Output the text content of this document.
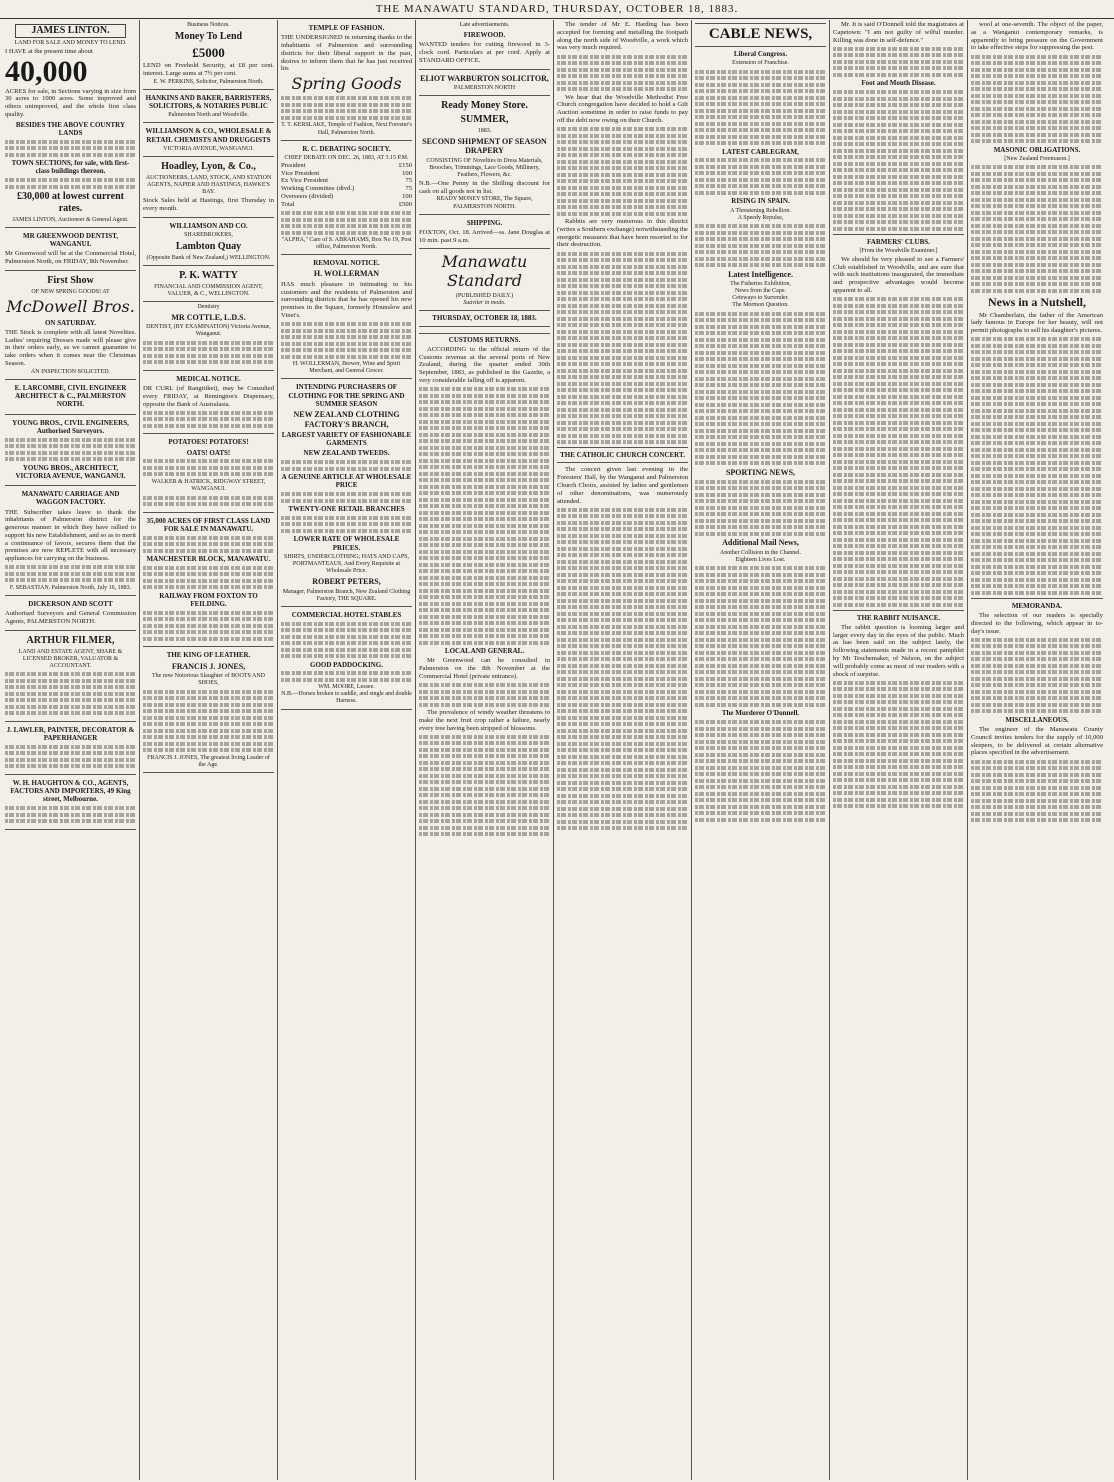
THE MANAWATU STANDARD, THURSDAY, OCTOBER 18, 1883.
JAMES LINTON.
LAND FOR SALE AND MONEY TO LEND.

I HAVE at the present time about

40,000

ACRES for sale, in Sections varying in size from 30 acres to 1000 acres. Some improved and others unimproved, and the whole first class quality.

BESIDES THE ABOVE COUNTRY LANDS
TOWN SECTIONS, for sale, with first-class buildings thereon.
£30,000 at lowest current rates.
JAMES LINTON, Auctioneer & General Agent.
MR GREENWOOD DENTIST, WANGANUI.

Mr Greenwood will be at the Commercial Hotel, Palmerston North, on FRIDAY, 8th November.

First Show
OF NEW SPRING GOODS! AT
McDowell Bros.
ON SATURDAY.

THE Stock is complete with all latest Novelties. Ladies' requiring Dresses made will please give in their orders early, as we cannot guarantee to take orders when it comes near the Christmas Season.

AN INSPECTION SOLICITED.
E. LARCOMBE, CIVIL ENGINEER ARCHITECT & C., PALMERSTON NORTH.
YOUNG BROS., CIVIL ENGINEERS, Authorised Surveyors.
YOUNG BROS., ARCHITECT, VICTORIA AVENUE, WANGANUI.
MANAWATU CARRIAGE AND WAGGON FACTORY.

THE Subscriber takes leave to thank the inhabitants of Palmerston district for the generous manner in which they have rallied to support his new Establishment, and so as to merit a continuance of favors, secures them that the premises are now REPLETE with all necessary appliances for carrying on the business.

F. SEBASTIAN. Palmerston North, July 16, 1883.
DICKERSON AND SCOTT

Authorised Surveyors and General Commission Agents, PALMERSTON NORTH.

ARTHUR FILMER,
LAND AND ESTATE AGENT, SHARE & LICENSED BROKER, VALUATOR & ACCOUNTANT.
J. LAWLER, PAINTER, DECORATOR & PAPERHANGER
W. H. HAUGHTON & CO., AGENTS, FACTORS AND IMPORTERS, 49 King street, Melbourne.
Business Notices.
Money To Lend
£5000

LEND on Freehold Security, at £8 per cent. interest. Large sums at 7½ per cent.

E. W. PERKINS, Solicitor, Palmerston North.
HANKINS AND BAKER, BARRISTERS, SOLICITORS, & NOTARIES PUBLIC
Palmerston North and Woodville.
WILLIAMSON & CO., WHOLESALE & RETAIL CHEMISTS AND DRUGGISTS
VICTORIA AVENUE, WANGANUI.
Hoadley, Lyon, & Co.,
AUCTIONEERS, LAND, STOCK, AND STATION AGENTS, NAPIER AND HASTINGS, HAWKE'S BAY.

Stock Sales held at Hastings, first Thursday in every month.

WILLIAMSON AND CO.
SHAREBROKERS,
Lambton Quay
(Opposite Bank of New Zealand,) WELLINGTON.
P. K. WATTY
FINANCIAL AND COMMISSION AGENT, VALUER, & C., WELLINGTON.
Dentistry
MR COTTLE, L.D.S.
DENTIST, (BY EXAMINATION) Victoria Avenue, Wanganui.
MEDICAL NOTICE.

DR CURL (of Rangitikei), may be Consulted every FRIDAY, at Remington's Dispensary, opposite the Bank of Australasia.

POTATOES! POTATOES!
OATS! OATS!
WALKER & HATRICK, RIDGWAY STREET, WANGANUI.
35,000 ACRES OF FIRST CLASS LAND FOR SALE IN MANAWATU.
MANCHESTER BLOCK, MANAWATU.
RAILWAY FROM FOXTON TO FEILDING.
THE KING OF LEATHER.
FRANCIS J. JONES,
The now Notorious Slaughter of BOOTS AND SHOES,
FRANCIS J. JONES, The greatest living Leader of the Age.
TEMPLE OF FASHION.

THE UNDERSIGNED in returning thanks to the inhabitants of Palmerston and surrounding districts for their liberal support in the past, desires to inform them that he has just received his

Spring Goods
T. T. KERSLAKE, Temple of Fashion, Next Forester's Hall, Palmerston North.
R. C. DEBATING SOCIETY.
CHIEF DEBATE ON DEC. 26, 1883, AT 3.15 P.M.
President	£150
Vice President	100
Ex Vice President	75
Working Committee (divd.)	75
Overseers (divided)	100
Total	£500
"ALPHA," Care of S. ABRAHAMS, Box No 19, Post office, Palmerston North.
REMOVAL NOTICE.
H. WOLLERMAN

HAS much pleasure in intimating to his customers and the residents of Palmerston and surrounding districts that he has opened his new premises in the Square, formerly Hounslow and Vinet's.

H. WOLLERMAN, Brewer, Wine and Spirit Merchant, and General Grocer.
INTENDING PURCHASERS OF CLOTHING FOR THE SPRING AND SUMMER SEASON
NEW ZEALAND CLOTHING FACTORY'S BRANCH,
LARGEST VARIETY OF FASHIONABLE GARMENTS
NEW ZEALAND TWEEDS.
A GENUINE ARTICLE AT WHOLESALE PRICE
TWENTY-ONE RETAIL BRANCHES
LOWER RATE OF WHOLESALE PRICES.
SHIRTS, UNDERCLOTHING; HATS AND CAPS, PORTMANTEAUS, And Every Requisite at Wholesale Price.
ROBERT PETERS,
Manager, Palmerston Branch, New Zealand Clothing Factory, THE SQUARE.
COMMERCIAL HOTEL STABLES
GOOD PADDOCKING.
WM. MOORE, Lessee.
N.B.—Horses broken to saddle, and single and double Harness.
Late advertisements.
FIREWOOD.

WANTED tenders for cutting firewood in 3-clock cord. Particulars at per cord. Apply at STANDARD OFFICE.

ELIOT WARBURTON SOLICITOR,
PALMERSTON NORTH
Ready Money Store.
SUMMER,
1883.
SECOND SHIPMENT OF SEASON DRAPERY
CONSISTING OF Novelties in Dress Materials, Brooches, Trimmings, Lace Goods, Millinery, Feathers, Flowers, &c.

N.B.—One Penny in the Shilling discount for cash on all goods not in list.

READY MONEY STORE, The Square, PALMERSTON NORTH.
SHIPPING.

FOXTON, Oct. 18. Arrived—ss. Jane Douglas at 10 min. past 9 a.m.

Manawatu Standard
(PUBLISHED DAILY.)
Suaviter in modo.
THURSDAY, OCTOBER 18, 1883.
CUSTOMS RETURNS.

ACCORDING to the official return of the Customs revenue at the several ports of New Zealand, during the quarter ended 30th September, 1883, as published in the Gazette, a very considerable falling off is apparent.

LOCAL AND GENERAL.

Mr Greenwood can be consulted in Palmerston on the 8th November at the Commercial Hotel (private entrance).

The prevalence of windy weather threatens to make the next fruit crop rather a failure, nearly every tree having been stripped of blossoms.

The tender of Mr E. Harding has been accepted for forming and metalling the footpath along the north side of Woodville, a work which was very much required.

We hear that the Woodville Methodist Free Church congregation have decided to hold a Gift Auction sometime in order to raise funds to pay off the debt now owing on their Church.

Rabbits are very numerous in this district (writes a Southern exchange) notwithstanding the energetic measures that have been resorted to for their destruction.

THE CATHOLIC CHURCH CONCERT.

The concert given last evening in the Foresters' Hall, by the Wanganui and Palmerston Church Choirs, assisted by ladies and gentlemen of other denominations, was numerously attended.

CABLE NEWS,
Liberal Congress.
Extension of Franchise.
LATEST CABLEGRAM,
RISING IN SPAIN.
A Threatening Rebellion.
A Speedy Repulse,
Latest Intelligence.
The Fisheries Exhibition,
News from the Cape.
Cetewayo to Surrender.
The Mormon Question.
SPORTING NEWS,
Additional Mail News,
Another Collision in the Channel.
Eighteen Lives Lost.
The Murderer O'Donnell.

Mr. It is said O'Donnell told the magistrates at Capetown: "I am not guilty of wilful murder. Killing was done in self-defence."

Foot and Mouth Disease.
FARMERS' CLUBS.
[From the Woodville Examiner.]

We should be very pleased to see a Farmers' Club established in Woodville, and are sure that with such institutions inaugurated, the immediate and prospective advantages would become apparent to all.

THE RABBIT NUISANCE.

The rabbit question is looming larger and larger every day in the eyes of the public. Much as has been said on the subject lately, the following statements made in a recent pamphlet by Mr Teschemaker, of Nelson, on the subject will probably come as most of our readers with a shock of surprise.

wool at one-seventh. The object of the paper, as a Wanganui contemporary remarks, is apparently to bring pressure on the Government to take effective steps for suppressing the pest.

MASONIC OBLIGATIONS.
[New Zealand Freemason.]
News in a Nutshell,

Mr Chamberlain, the father of the American lady famous in Europe for her beauty, will not permit photographs to sell his daughter's pictures.

MEMORANDA.

The selection of our readers is specially directed to the following, which appear in to-day's issue.

MISCELLANEOUS.

The engineer of the Manawatu County Council invites tenders for the supply of 10,000 sleepers, to be delivered at certain alternative places specified in the advertisement.
